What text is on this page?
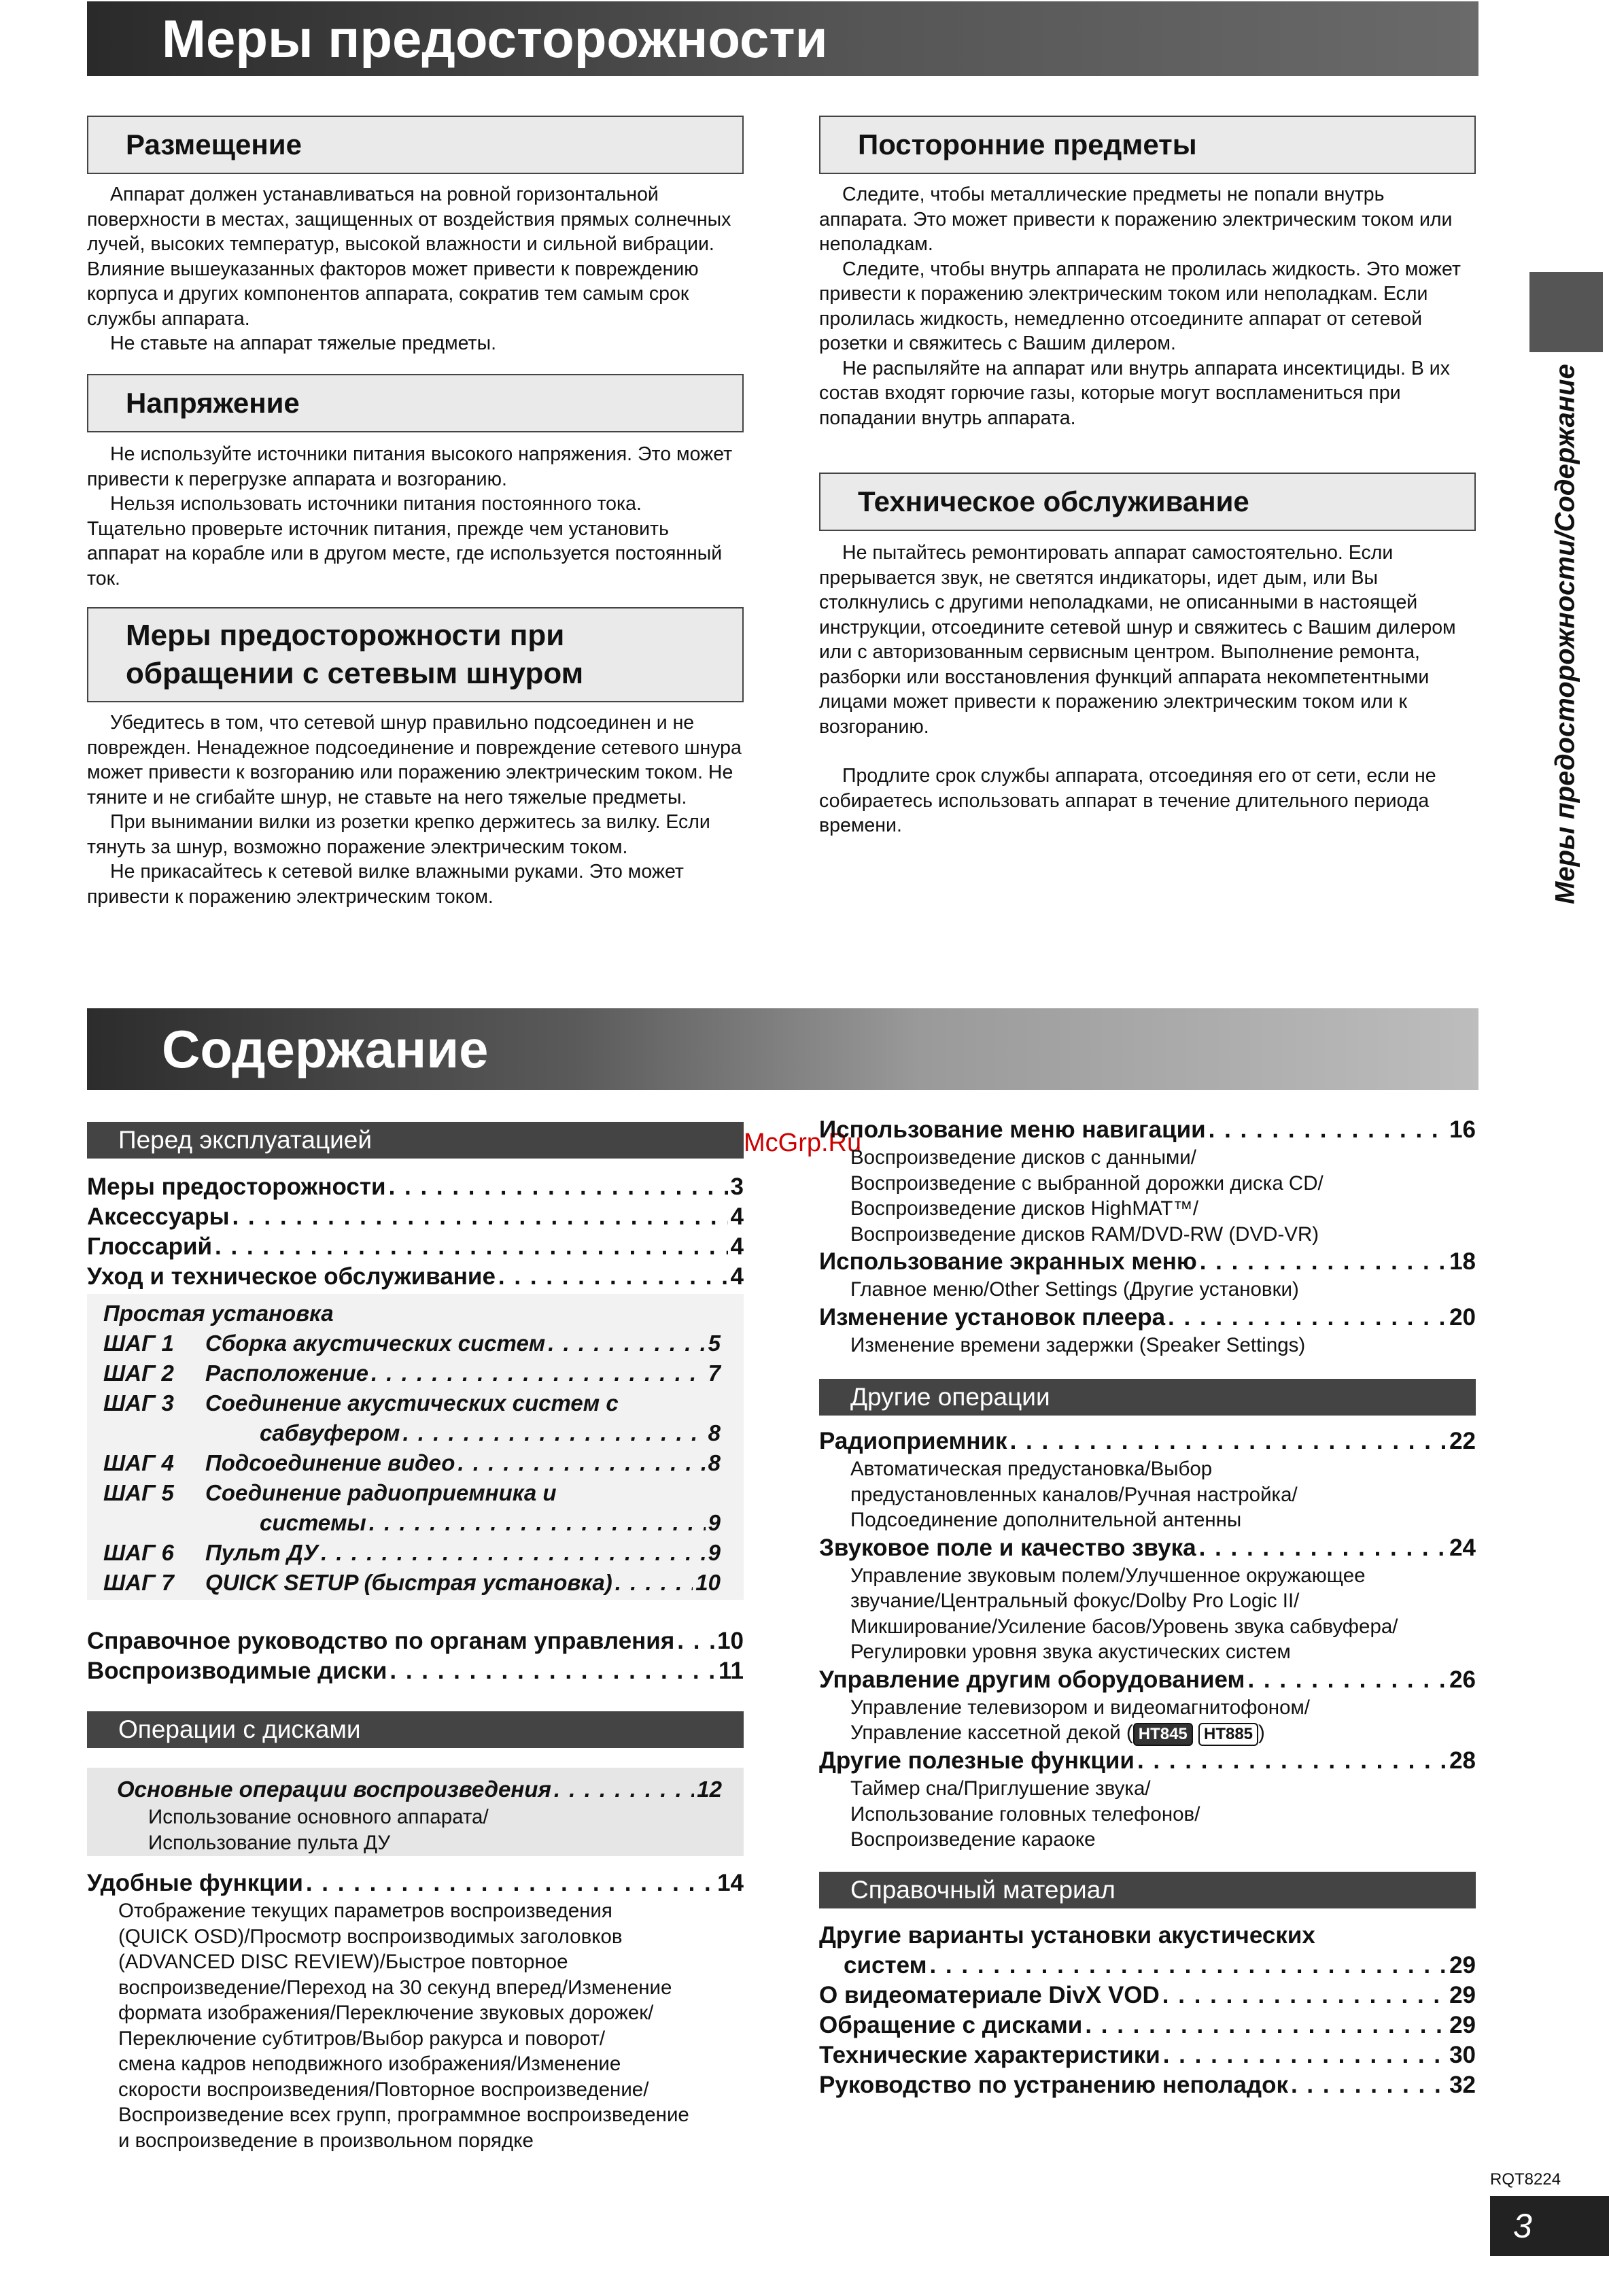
Меры предосторожности
Размещение

Аппарат должен устанавливаться на ровной горизонтальной поверхности в местах, защищенных от воздействия прямых солнечных лучей, высоких температур, высокой влажности и сильной вибрации. Влияние вышеуказанных факторов может привести к повреждению корпуса и других компонентов аппарата, сократив тем самым срок службы аппарата.

Не ставьте на аппарат тяжелые предметы.

Напряжение

Не используйте источники питания высокого напряжения. Это может привести к перегрузке аппарата и возгоранию.

Нельзя использовать источники питания постоянного тока. Тщательно проверьте источник питания, прежде чем установить аппарат на корабле или в другом месте, где используется постоянный ток.

Меры предосторожности при
обращении с сетевым шнуром

Убедитесь в том, что сетевой шнур правильно подсоединен и не поврежден. Ненадежное подсоединение и повреждение сетевого шнура может привести к возгоранию или поражению электрическим током. Не тяните и не сгибайте шнур, не ставьте на него тяжелые предметы.

При вынимании вилки из розетки крепко держитесь за вилку. Если тянуть за шнур, возможно поражение электрическим током.

Не прикасайтесь к сетевой вилке влажными руками. Это может привести к поражению электрическим током.

Посторонние предметы

Следите, чтобы металлические предметы не попали внутрь аппарата. Это может привести к поражению электрическим током или неполадкам.

Следите, чтобы внутрь аппарата не пролилась жидкость. Это может привести к поражению электрическим током или неполадкам. Если пролилась жидкость, немедленно отсоедините аппарат от сетевой розетки и свяжитесь с Вашим дилером.

Не распыляйте на аппарат или внутрь аппарата инсектициды. В их состав входят горючие газы, которые могут воспламениться при попадании внутрь аппарата.

Техническое обслуживание

Не пытайтесь ремонтировать аппарат самостоятельно. Если прерывается звук, не светятся индикаторы, идет дым, или Вы столкнулись с другими неполадками, не описанными в настоящей инструкции, отсоедините сетевой шнур и свяжитесь с Вашим дилером или с авторизованным сервисным центром. Выполнение ремонта, разборки или восстановления функций аппарата некомпетентными лицами может привести к поражению электрическим током или к возгоранию.

Продлите срок службы аппарата, отсоединяя его от сети, если не собираетесь использовать аппарат в течение длительного периода времени.	Меры предосторожности/Содержание
Содержание
Перед эксплуатацией	McGrp.Ru
Меры предосторожности . . .	3
Аксессуары . . .	4
Глоссарий . . .	4
Уход и техническое обслуживание . . .	4
Простая установка
ШАГ 1	Сборка акустических систем . . .	5
ШАГ 2	Расположение . . .	7
ШАГ 3	Соединение акустических систем с
сабвуфером . . .	8
ШАГ 4	Подсоединение видео . . .	8
ШАГ 5	Соединение радиоприемника и
системы . . .	9
ШАГ 6	Пульт ДУ . . .	9
ШАГ 7	QUICK SETUP (быстрая установка) . . .	10
Справочное руководство по органам управления . . . 10
Воспроизводимые диски . . .	11
Операции с дисками
Основные операции воспроизведения . . .	12
Использование основного аппарата/
Использование пульта ДУ
Удобные функции . . .	14
Отображение текущих параметров воспроизведения
(QUICK OSD)/Просмотр воспроизводимых заголовков
(ADVANCED DISC REVIEW)/Быстрое повторное
воспроизведение/Переход на 30 секунд вперед/Изменение
формата изображения/Переключение звуковых дорожек/
Переключение субтитров/Выбор ракурса и поворот/
смена кадров неподвижного изображения/Изменение
скорости воспроизведения/Повторное воспроизведение/
Воспроизведение всех групп, программное воспроизведение
и воспроизведение в произвольном порядке
Использование меню навигации . . .	16
Воспроизведение дисков с данными/
Воспроизведение с выбранной дорожки диска CD/
Воспроизведение дисков HighMAT™/
Воспроизведение дисков RAM/DVD-RW (DVD-VR)
Использование экранных меню . . .	18
Главное меню/Other Settings (Другие установки)
Изменение установок плеера . . .	20
Изменение времени задержки (Speaker Settings)
Другие операции
Радиоприемник . . .	22
Автоматическая предустановка/Выбор
предустановленных каналов/Ручная настройка/
Подсоединение дополнительной антенны
Звуковое поле и качество звука . . .	24
Управление звуковым полем/Улучшенное окружающее
звучание/Центральный фокус/Dolby Pro Logic II/
Микширование/Усиление басов/Уровень звука сабвуфера/
Регулировки уровня звука акустических систем
Управление другим оборудованием . . .	26
Управление телевизором и видеомагнитофоном/
Управление кассетной декой ( HT845 HT885 )
Другие полезные функции . . .	28
Таймер сна/Приглушение звука/
Использование головных телефонов/
Воспроизведение караоке
Справочный материал
Другие варианты установки акустических
систем . . .	29
О видеоматериале DivX VOD . . .	29
Обращение с дисками . . .	29
Технические характеристики . . .	30
Руководство по устранению неполадок . . .	32
RQT8224
3
